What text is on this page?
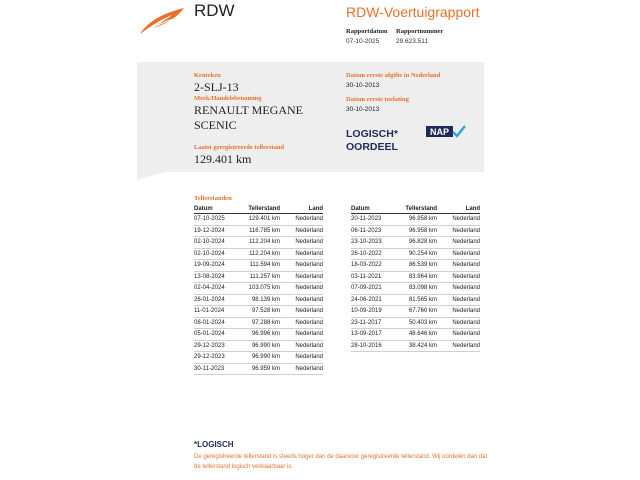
RDW	RDW-Voertuigrapport
Rapportdatum
07-10-2025
Rapportnummer
29.623.511
Kenteken
2-SLJ-13
Merk/Handelsbenaming
RENAULT MEGANE
SCENIC
Laatst geregistreerde tellerstand
129.401 km
Datum eerste afgifte in Nederland
30-10-2013
Datum eerste toelating
30-10-2013
LOGISCH*
OORDEEL
NAP
Tellerstanden
Datum	Tellerstand	Land
07-10-2025	129.401 km	Nederland
19-12-2024	116.785 km	Nederland
02-10-2024	112.204 km	Nederland
02-10-2024	112.204 km	Nederland
19-09-2024	111.594 km	Nederland
13-08-2024	111.257 km	Nederland
02-04-2024	103.075 km	Nederland
26-01-2024	98.139 km	Nederland
11-01-2024	97.528 km	Nederland
08-01-2024	97.288 km	Nederland
05-01-2024	96.996 km	Nederland
29-12-2023	96.990 km	Nederland
29-12-2023	96.990 km	Nederland
30-11-2023	96.959 km	Nederland
Datum	Tellerstand	Land
20-11-2023	96.958 km	Nederland
06-11-2023	96.958 km	Nederland
23-10-2023	96.828 km	Nederland
26-10-2022	90.254 km	Nederland
18-03-2022	86.539 km	Nederland
03-11-2021	83.964 km	Nederland
07-09-2021	83.098 km	Nederland
24-06-2021	81.565 km	Nederland
10-09-2019	67.760 km	Nederland
23-11-2017	50.403 km	Nederland
13-09-2017	48.646 km	Nederland
28-10-2016	38.424 km	Nederland
*LOGISCH
De geregistreerde tellerstand is steeds hoger dan de daarvoor geregistreerde tellerstand. Wij oordelen dan dat de tellerstand logisch verklaarbaar is.
